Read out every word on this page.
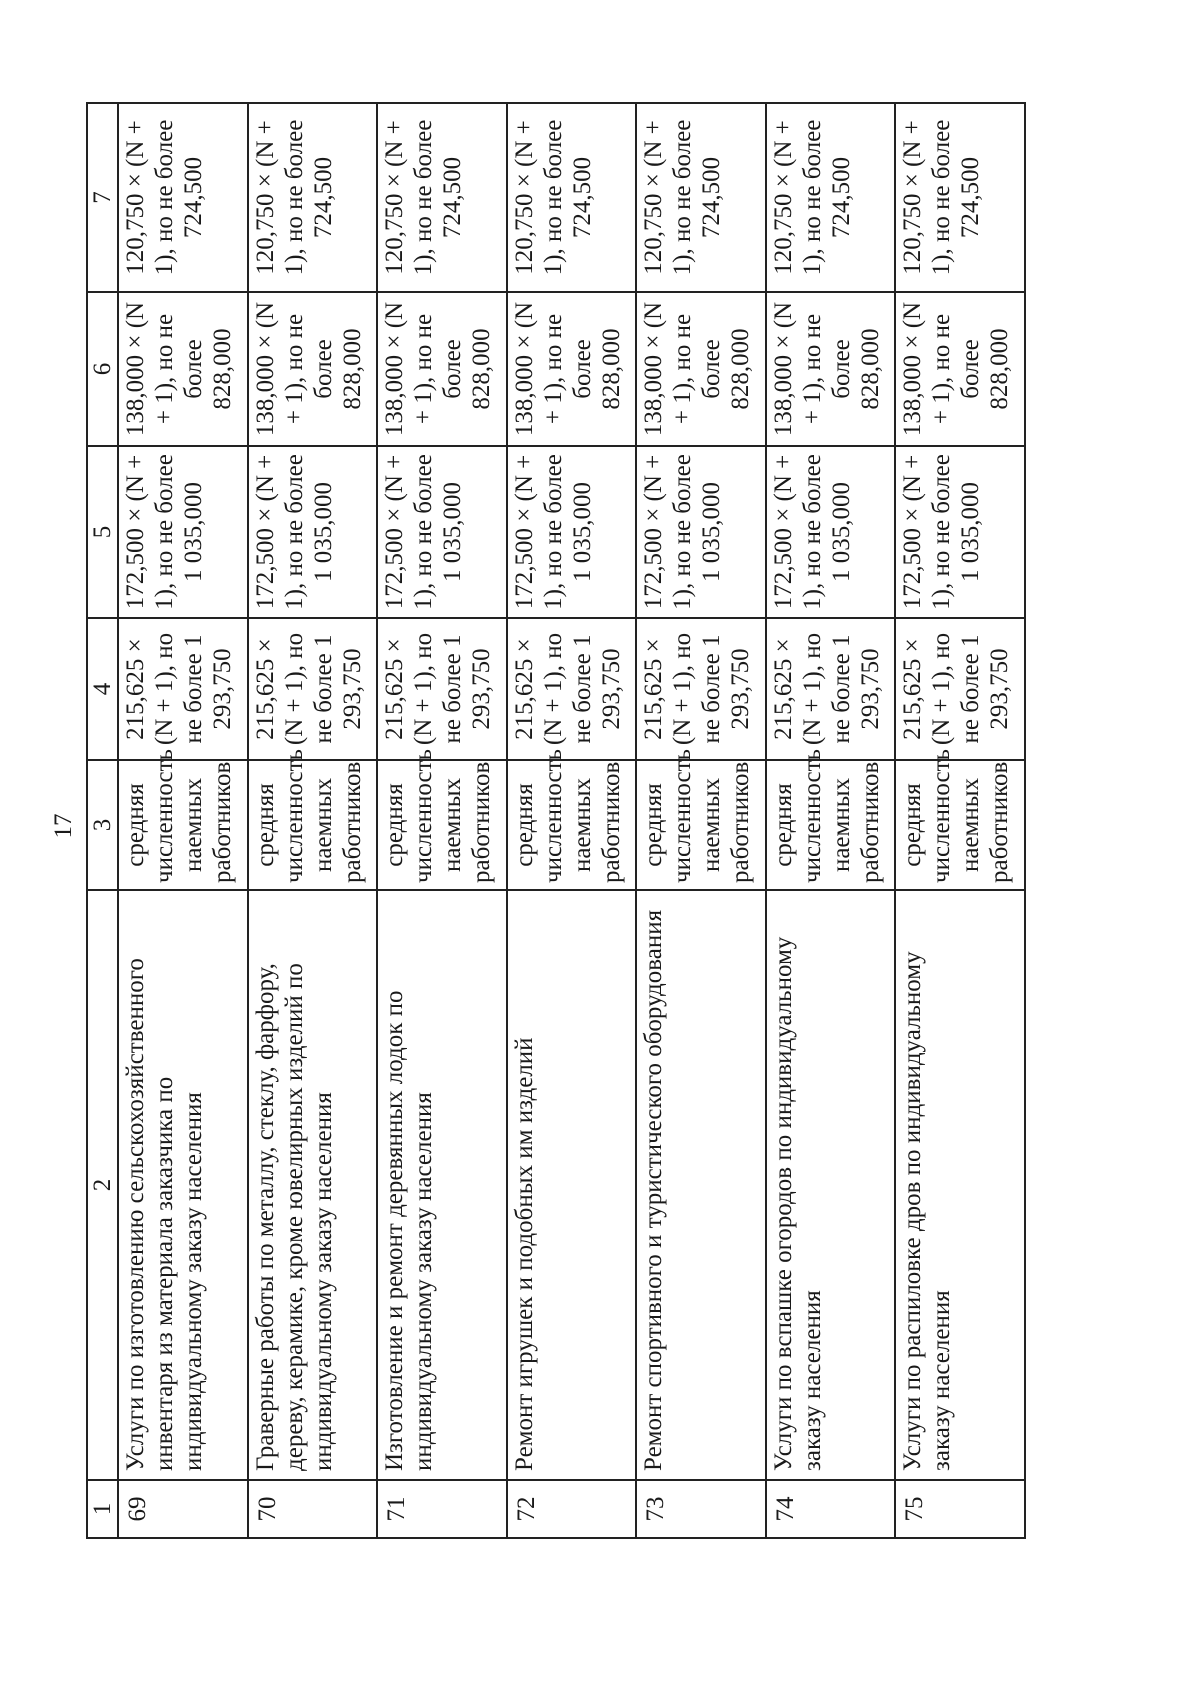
17
1	2	3	4	5	6	7
69	Услуги по изготовлению сельскохозяйственного инвентаря из материала заказчика по индивидуальному заказу населения	средняя численность наемных работников	215,625 × (N + 1), но не более 1 293,750	172,500 × (N + 1), но не более 1 035,000	138,000 × (N + 1), но не более 828,000	120,750 × (N + 1), но не более 724,500
70	Граверные работы по металлу, стеклу, фарфору, дереву, керамике, кроме ювелирных изделий по индивидуальному заказу населения	средняя численность наемных работников	215,625 × (N + 1), но не более 1 293,750	172,500 × (N + 1), но не более 1 035,000	138,000 × (N + 1), но не более 828,000	120,750 × (N + 1), но не более 724,500
71	Изготовление и ремонт деревянных лодок по индивидуальному заказу населения	средняя численность наемных работников	215,625 × (N + 1), но не более 1 293,750	172,500 × (N + 1), но не более 1 035,000	138,000 × (N + 1), но не более 828,000	120,750 × (N + 1), но не более 724,500
72	Ремонт игрушек и подобных им изделий	средняя численность наемных работников	215,625 × (N + 1), но не более 1 293,750	172,500 × (N + 1), но не более 1 035,000	138,000 × (N + 1), но не более 828,000	120,750 × (N + 1), но не более 724,500
73	Ремонт спортивного и туристического оборудования	средняя численность наемных работников	215,625 × (N + 1), но не более 1 293,750	172,500 × (N + 1), но не более 1 035,000	138,000 × (N + 1), но не более 828,000	120,750 × (N + 1), но не более 724,500
74	Услуги по вспашке огородов по индивидуальному заказу населения	средняя численность наемных работников	215,625 × (N + 1), но не более 1 293,750	172,500 × (N + 1), но не более 1 035,000	138,000 × (N + 1), но не более 828,000	120,750 × (N + 1), но не более 724,500
75	Услуги по распиловке дров по индивидуальному заказу населения	средняя численность наемных работников	215,625 × (N + 1), но не более 1 293,750	172,500 × (N + 1), но не более 1 035,000	138,000 × (N + 1), но не более 828,000	120,750 × (N + 1), но не более 724,500
